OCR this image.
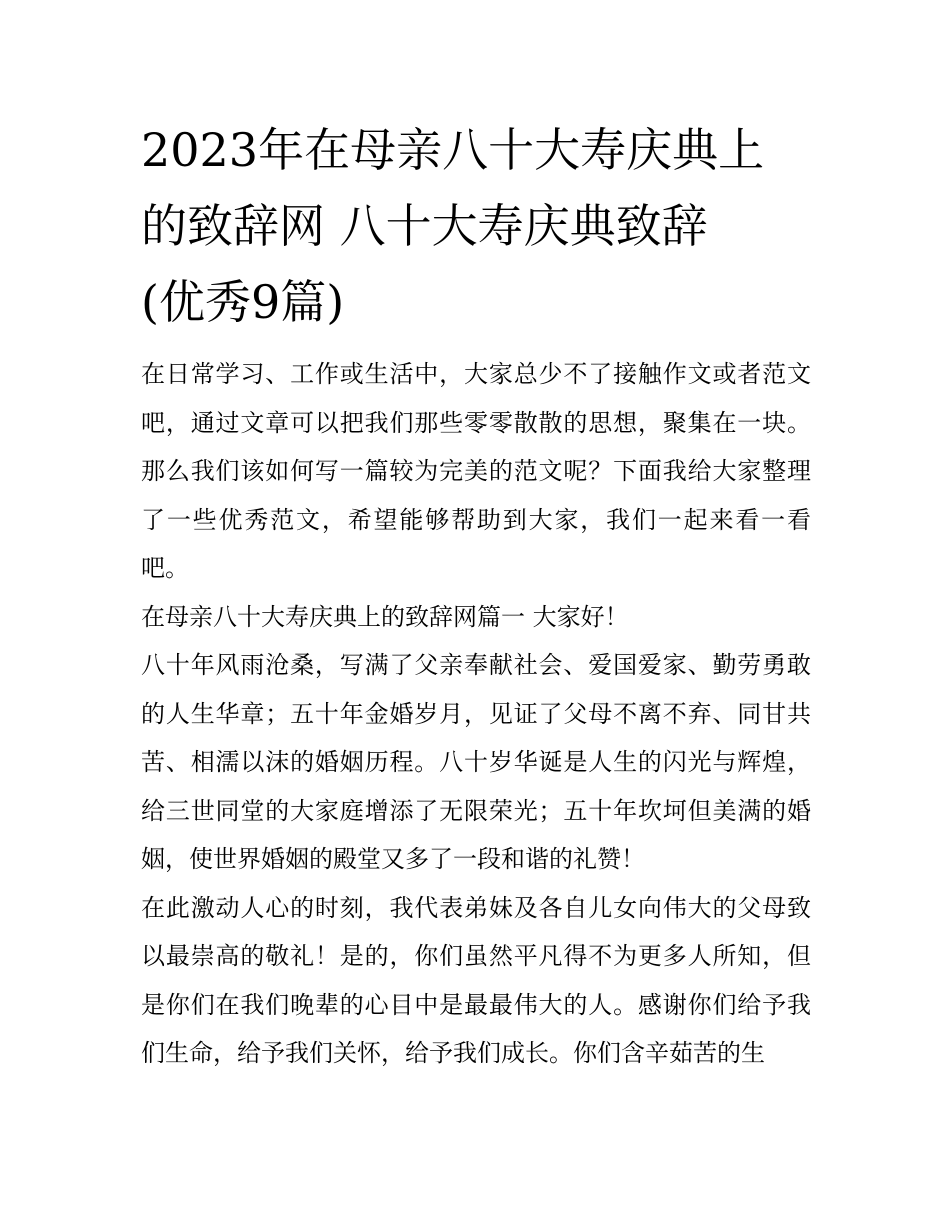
2023年在母亲八十大寿庆典上
的致辞网 八十大寿庆典致辞
(优秀9篇)

在日常学习、工作或生活中，大家总少不了接触作文或者范文吧，通过文章可以把我们那些零零散散的思想，聚集在一块。那么我们该如何写一篇较为完美的范文呢？下面我给大家整理了一些优秀范文，希望能够帮助到大家，我们一起来看一看吧。

在母亲八十大寿庆典上的致辞网篇一 大家好！

八十年风雨沧桑，写满了父亲奉献社会、爱国爱家、勤劳勇敢的人生华章；五十年金婚岁月，见证了父母不离不弃、同甘共苦、相濡以沫的婚姻历程。八十岁华诞是人生的闪光与辉煌，给三世同堂的大家庭增添了无限荣光；五十年坎坷但美满的婚姻，使世界婚姻的殿堂又多了一段和谐的礼赞！

在此激动人心的时刻，我代表弟妹及各自儿女向伟大的父母致以最崇高的敬礼！是的，你们虽然平凡得不为更多人所知，但是你们在我们晚辈的心目中是最最伟大的人。感谢你们给予我们生命，给予我们关怀，给予我们成长。你们含辛茹苦的生
